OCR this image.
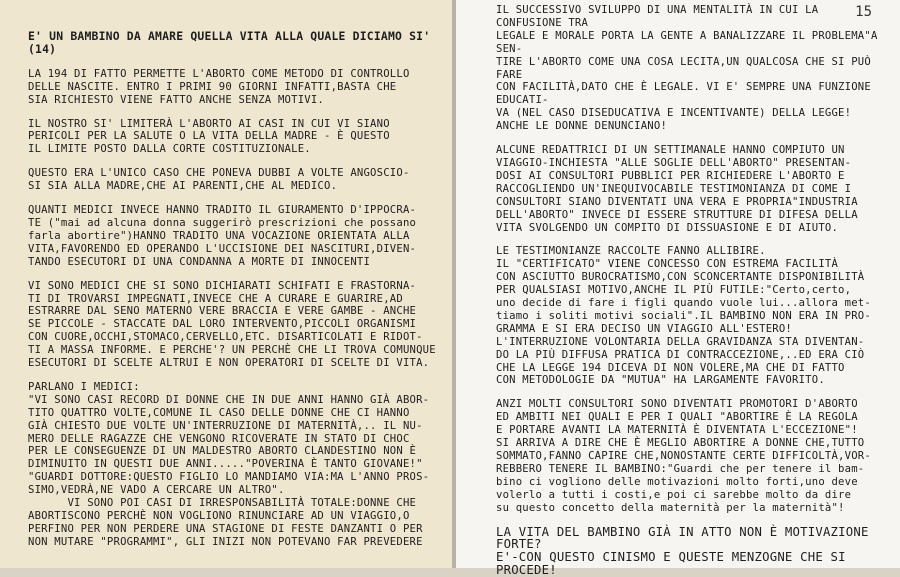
E' UN BAMBINO DA AMARE QUELLA VITA ALLA QUALE DICIAMO SI' (14)

LA 194 DI FATTO PERMETTE L'ABORTO COME METODO DI CONTROLLO
DELLE NASCITE. ENTRO I PRIMI 90 GIORNI INFATTI,BASTA CHE
SIA RICHIESTO VIENE FATTO ANCHE SENZA MOTIVI.

IL NOSTRO SI' LIMITERÀ L'ABORTO AI CASI IN CUI VI SIANO
PERICOLI PER LA SALUTE O LA VITA DELLA MADRE - È QUESTO
IL LIMITE POSTO DALLA CORTE COSTITUZIONALE.

QUESTO ERA L'UNICO CASO CHE PONEVA DUBBI A VOLTE ANGOSCIO-
SI SIA ALLA MADRE,CHE AI PARENTI,CHE AL MEDICO.

QUANTI MEDICI INVECE HANNO TRADITO IL GIURAMENTO D'IPPOCRA-
TE ("mai ad alcuna donna suggerirò prescrizioni che possano
farla abortire")HANNO TRADITO UNA VOCAZIONE ORIENTATA ALLA
VITA,FAVORENDO ED OPERANDO L'UCCISIONE DEI NASCITURI,DIVEN-
TANDO ESECUTORI DI UNA CONDANNA A MORTE DI INNOCENTI

VI SONO MEDICI CHE SI SONO DICHIARATI SCHIFATI E FRASTORNA-
TI DI TROVARSI IMPEGNATI,INVECE CHE A CURARE E GUARIRE,AD
ESTRARRE DAL SENO MATERNO VERE BRACCIA E VERE GAMBE - ANCHE
SE PICCOLE - STACCATE DAL LORO INTERVENTO,PICCOLI ORGANISMI
CON CUORE,OCCHI,STOMACO,CERVELLO,ETC. DISARTICOLATI E RIDOT-
TI A MASSA INFORME. E PERCHE'? UN PERCHÈ CHE LI TROVA COMUNQUE
ESECUTORI DI SCELTE ALTRUI E NON OPERATORI DI SCELTE DI VITA.

PARLANO I MEDICI:
"VI SONO CASI RECORD DI DONNE CHE IN DUE ANNI HANNO GIÀ ABOR-
TITO QUATTRO VOLTE,COMUNE IL CASO DELLE DONNE CHE CI HANNO
GIÀ CHIESTO DUE VOLTE UN'INTERRUZIONE DI MATERNITÀ,.. IL NU-
MERO DELLE RAGAZZE CHE VENGONO RICOVERATE IN STATO DI CHOC
PER LE CONSEGUENZE DI UN MALDESTRO ABORTO CLANDESTINO NON È
DIMINUITO IN QUESTI DUE ANNI....."POVERINA È TANTO GIOVANE!"
"GUARDI DOTTORE:QUESTO FIGLIO LO MANDIAMO VIA:MA L'ANNO PROS-
SIMO,VEDRÀ,NE VADO A CERCARE UN ALTRO".
VI SONO POI CASI DI IRRESPONSABILITÀ TOTALE:DONNE CHE
ABORTISCONO PERCHÈ NON VOGLIONO RINUNCIARE AD UN VIAGGIO,O
PERFINO PER NON PERDERE UNA STAGIONE DI FESTE DANZANTI O PER
NON MUTARE "PROGRAMMI", GLI INIZI NON POTEVANO FAR PREVEDERE

15

IL SUCCESSIVO SVILUPPO DI UNA MENTALITÀ IN CUI LA CONFUSIONE TRA
LEGALE E MORALE PORTA LA GENTE A BANALIZZARE IL PROBLEMA"A SEN-
TIRE L'ABORTO COME UNA COSA LECITA,UN QUALCOSA CHE SI PUÒ FARE
CON FACILITÀ,DATO CHE È LEGALE. VI E' SEMPRE UNA FUNZIONE EDUCATI-
VA (NEL CASO DISEDUCATIVA E INCENTIVANTE) DELLA LEGGE!
ANCHE LE DONNE DENUNCIANO!

ALCUNE REDATTRICI DI UN SETTIMANALE HANNO COMPIUTO UN
VIAGGIO-INCHIESTA "ALLE SOGLIE DELL'ABORTO" PRESENTAN-
DOSI AI CONSULTORI PUBBLICI PER RICHIEDERE L'ABORTO E
RACCOGLIENDO UN'INEQUIVOCABILE TESTIMONIANZA DI COME I
CONSULTORI SIANO DIVENTATI UNA VERA E PROPRIA"INDUSTRIA
DELL'ABORTO" INVECE DI ESSERE STRUTTURE DI DIFESA DELLA
VITA SVOLGENDO UN COMPITO DI DISSUASIONE E DI AIUTO.

LE TESTIMONIANZE RACCOLTE FANNO ALLIBIRE.
IL "CERTIFICATO" VIENE CONCESSO CON ESTREMA FACILITÀ
CON ASCIUTTO BUROCRATISMO,CON SCONCERTANTE DISPONIBILITÀ
PER QUALSIASI MOTIVO,ANCHE IL PIÙ FUTILE:"Certo,certo,
uno decide di fare i figli quando vuole lui...allora met-
tiamo i soliti motivi sociali".IL BAMBINO NON ERA IN PRO-
GRAMMA E SI ERA DECISO UN VIAGGIO ALL'ESTERO!
L'INTERRUZIONE VOLONTARIA DELLA GRAVIDANZA STA DIVENTAN-
DO LA PIÙ DIFFUSA PRATICA DI CONTRACCEZIONE,..ED ERA CIÒ
CHE LA LEGGE 194 DICEVA DI NON VOLERE,MA CHE DI FATTO
CON METODOLOGIE DA "MUTUA" HA LARGAMENTE FAVORITO.

ANZI MOLTI CONSULTORI SONO DIVENTATI PROMOTORI D'ABORTO
ED AMBITI NEI QUALI E PER I QUALI "ABORTIRE È LA REGOLA
E PORTARE AVANTI LA MATERNITÀ È DIVENTATA L'ECCEZIONE"!
SI ARRIVA A DIRE CHE È MEGLIO ABORTIRE A DONNE CHE,TUTTO
SOMMATO,FANNO CAPIRE CHE,NONOSTANTE CERTE DIFFICOLTÀ,VOR-
REBBERO TENERE IL BAMBINO:"Guardi che per tenere il bam-
bino ci vogliono delle motivazioni molto forti,uno deve
volerlo a tutti i costi,e poi ci sarebbe molto da dire
su questo concetto della maternità per la maternità"!

LA VITA DEL BAMBINO GIÀ IN ATTO NON È MOTIVAZIONE FORTE?
E'-CON QUESTO CINISMO E QUESTE MENZOGNE CHE SI PROCEDE!
